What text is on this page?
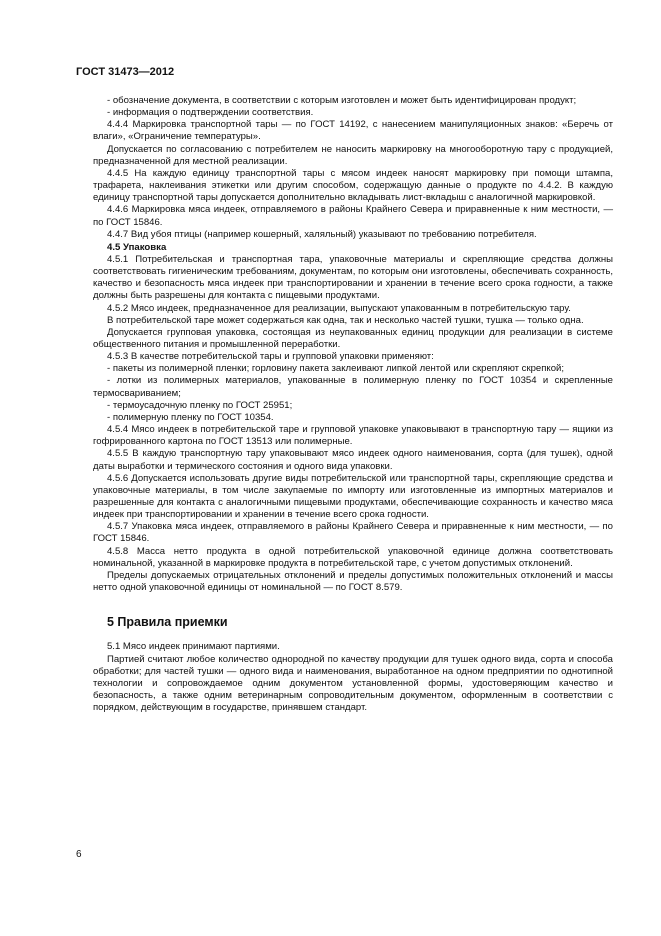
ГОСТ 31473—2012

- обозначение документа, в соответствии с которым изготовлен и может быть идентифицирован продукт;

- информация о подтверждении соответствия.

4.4.4 Маркировка транспортной тары — по ГОСТ 14192, с нанесением манипуляционных знаков: «Беречь от влаги», «Ограничение температуры».

Допускается по согласованию с потребителем не наносить маркировку на многооборотную тару с продукцией, предназначенной для местной реализации.

4.4.5 На каждую единицу транспортной тары с мясом индеек наносят маркировку при помощи штампа, трафарета, наклеивания этикетки или другим способом, содержащую данные о продукте по 4.4.2. В каждую единицу транспортной тары допускается дополнительно вкладывать лист-вкладыш с аналогичной маркировкой.

4.4.6 Маркировка мяса индеек, отправляемого в районы Крайнего Севера и приравненные к ним местности, — по ГОСТ 15846.

4.4.7 Вид убоя птицы (например кошерный, халяльный) указывают по требованию потребителя.

4.5 Упаковка

4.5.1 Потребительская и транспортная тара, упаковочные материалы и скрепляющие средства должны соответствовать гигиеническим требованиям, документам, по которым они изготовлены, обеспечивать сохранность, качество и безопасность мяса индеек при транспортировании и хранении в течение всего срока годности, а также должны быть разрешены для контакта с пищевыми продуктами.

4.5.2 Мясо индеек, предназначенное для реализации, выпускают упакованным в потребительскую тару.

В потребительской таре может содержаться как одна, так и несколько частей тушки, тушка — только одна.

Допускается групповая упаковка, состоящая из неупакованных единиц продукции для реализации в системе общественного питания и промышленной переработки.

4.5.3 В качестве потребительской тары и групповой упаковки применяют:

- пакеты из полимерной пленки; горловину пакета заклеивают липкой лентой или скрепляют скрепкой;

- лотки из полимерных материалов, упакованные в полимерную пленку по ГОСТ 10354 и скрепленные термосвариванием;

- термоусадочную пленку по ГОСТ 25951;

- полимерную пленку по ГОСТ 10354.

4.5.4 Мясо индеек в потребительской таре и групповой упаковке упаковывают в транспортную тару — ящики из гофрированного картона по ГОСТ 13513 или полимерные.

4.5.5 В каждую транспортную тару упаковывают мясо индеек одного наименования, сорта (для тушек), одной даты выработки и термического состояния и одного вида упаковки.

4.5.6 Допускается использовать другие виды потребительской или транспортной тары, скрепляющие средства и упаковочные материалы, в том числе закупаемые по импорту или изготовленные из импортных материалов и разрешенные для контакта с аналогичными пищевыми продуктами, обеспечивающие сохранность и качество мяса индеек при транспортировании и хранении в течение всего срока годности.

4.5.7 Упаковка мяса индеек, отправляемого в районы Крайнего Севера и приравненные к ним местности, — по ГОСТ 15846.

4.5.8 Масса нетто продукта в одной потребительской упаковочной единице должна соответствовать номинальной, указанной в маркировке продукта в потребительской таре, с учетом допустимых отклонений.

Пределы допускаемых отрицательных отклонений и пределы допустимых положительных отклонений и массы нетто одной упаковочной единицы от номинальной — по ГОСТ 8.579.

5 Правила приемки

5.1 Мясо индеек принимают партиями.

Партией считают любое количество однородной по качеству продукции для тушек одного вида, сорта и способа обработки; для частей тушки — одного вида и наименования, выработанное на одном предприятии по однотипной технологии и сопровождаемое одним документом установленной формы, удостоверяющим качество и безопасность, а также одним ветеринарным сопроводительным документом, оформленным в соответствии с порядком, действующим в государстве, принявшем стандарт.

6
